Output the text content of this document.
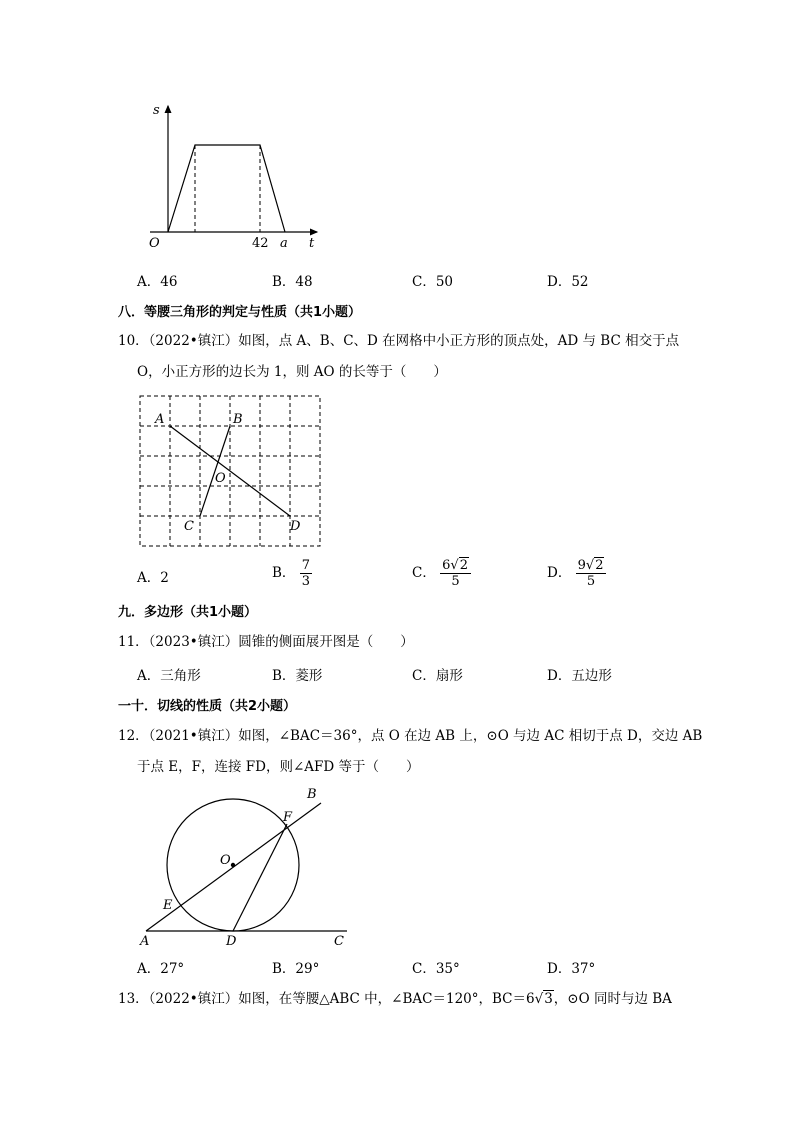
s
t
O	42 a
A．46	B．48	C．50	D．52
八．等腰三角形的判定与性质（共1小题）
10．（2022•镇江）如图，点 A、B、C、D 在网格中小正方形的顶点处，AD 与 BC 相交于点
O，小正方形的边长为 1，则 AO 的长等于（　　）
A	B
C	D
O
A．2	B． $\frac{7}{3}$	C． $\frac{6√2}{5}$	D． $\frac{9√2}{5}$
九．多边形（共1小题）
11．（2023•镇江）圆锥的侧面展开图是（　　）
A．三角形	B．菱形	C．扇形	D．五边形
一十．切线的性质（共2小题）
12．（2021•镇江）如图，∠BAC＝36°，点 O 在边 AB 上，⊙O 与边 AC 相切于点 D，交边 AB
于点 E，F，连接 FD，则∠AFD 等于（　　）
A	D	C
E
O
F
B
A．27°	B．29°	C．35°	D．37°
13．（2022•镇江）如图，在等腰△ABC 中，∠BAC＝120°，BC＝6√3，⊙O 同时与边 BA
